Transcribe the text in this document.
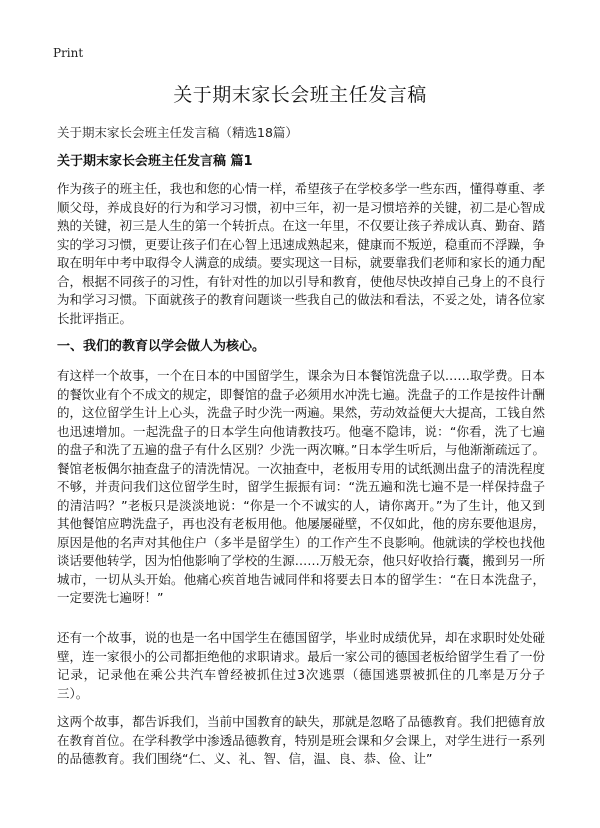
Print
关于期末家长会班主任发言稿
关于期末家长会班主任发言稿（精选18篇）
关于期末家长会班主任发言稿 篇1

作为孩子的班主任，我也和您的心情一样，希望孩子在学校多学一些东西，懂得尊重、孝顺父母，养成良好的行为和学习习惯，初中三年，初一是习惯培养的关键，初二是心智成熟的关键，初三是人生的第一个转折点。在这一年里，不仅要让孩子养成认真、勤奋、踏实的学习习惯，更要让孩子们在心智上迅速成熟起来，健康而不叛逆，稳重而不浮躁，争取在明年中考中取得令人满意的成绩。要实现这一目标，就要靠我们老师和家长的通力配合，根据不同孩子的习性，有针对性的加以引导和教育，使他尽快改掉自己身上的不良行为和学习习惯。下面就孩子的教育问题谈一些我自己的做法和看法，不妥之处，请各位家长批评指正。

一、我们的教育以学会做人为核心。

有这样一个故事，一个在日本的中国留学生，课余为日本餐馆洗盘子以……取学费。日本的餐饮业有个不成文的规定，即餐馆的盘子必须用水冲洗七遍。洗盘子的工作是按件计酬的，这位留学生计上心头，洗盘子时少洗一两遍。果然，劳动效益便大大提高，工钱自然也迅速增加。一起洗盘子的日本学生向他请教技巧。他毫不隐讳，说：“你看，洗了七遍的盘子和洗了五遍的盘子有什么区别？少洗一两次嘛。”日本学生听后，与他渐渐疏远了。餐馆老板偶尔抽查盘子的清洗情况。一次抽查中，老板用专用的试纸测出盘子的清洗程度不够，并责问我们这位留学生时，留学生振振有词：“洗五遍和洗七遍不是一样保持盘子的清洁吗？”老板只是淡淡地说：“你是一个不诚实的人，请你离开。”为了生计，他又到其他餐馆应聘洗盘子，再也没有老板用他。他屡屡碰壁，不仅如此，他的房东要他退房，原因是他的名声对其他住户（多半是留学生）的工作产生不良影响。他就读的学校也找他谈话要他转学，因为怕他影响了学校的生源……万般无奈，他只好收拾行囊，搬到另一所城市，一切从头开始。他痛心疾首地告诫同伴和将要去日本的留学生：“在日本洗盘子，一定要洗七遍呀！”

还有一个故事，说的也是一名中国学生在德国留学，毕业时成绩优异，却在求职时处处碰壁，连一家很小的公司都拒绝他的求职请求。最后一家公司的德国老板给留学生看了一份记录，记录他在乘公共汽车曾经被抓住过3次逃票（德国逃票被抓住的几率是万分子三）。

这两个故事，都告诉我们，当前中国教育的缺失，那就是忽略了品德教育。我们把德育放在教育首位。在学科教学中渗透品德教育，特别是班会课和夕会课上，对学生进行一系列的品德教育。我们围绕“仁、义、礼、智、信，温、良、恭、俭、让”
